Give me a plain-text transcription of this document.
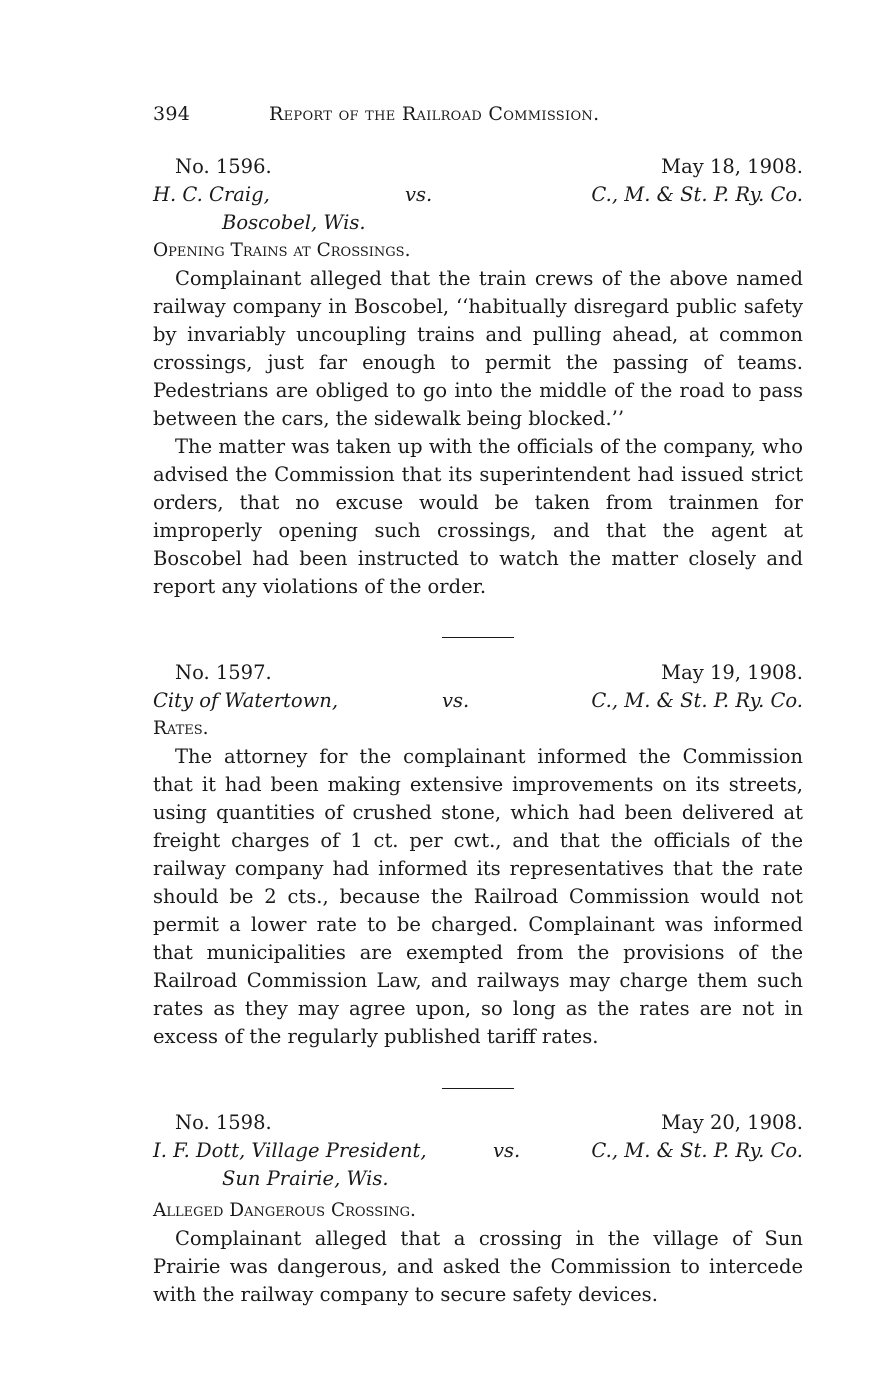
394	Report of the Railroad Commission.
No. 1596.	May 18, 1908.
H. C. Craig,	vs.	C., M. & St. P. Ry. Co.
Boscobel, Wis.
Opening Trains at Crossings.

Complainant alleged that the train crews of the above named railway company in Boscobel, ‘‘habitually disregard public safety by invariably uncoupling trains and pulling ahead, at common crossings, just far enough to permit the passing of teams. Pedestrians are obliged to go into the middle of the road to pass between the cars, the sidewalk being blocked.’’

The matter was taken up with the officials of the company, who advised the Commission that its superintendent had issued strict orders, that no excuse would be taken from trainmen for improperly opening such crossings, and that the agent at Boscobel had been instructed to watch the matter closely and report any violations of the order.

No. 1597.	May 19, 1908.
City of Watertown,	vs.	C., M. & St. P. Ry. Co.
Rates.

The attorney for the complainant informed the Commission that it had been making extensive improvements on its streets, using quantities of crushed stone, which had been delivered at freight charges of 1 ct. per cwt., and that the officials of the railway company had informed its representatives that the rate should be 2 cts., because the Railroad Commission would not permit a lower rate to be charged. Complainant was informed that municipalities are exempted from the provisions of the Railroad Commission Law, and railways may charge them such rates as they may agree upon, so long as the rates are not in excess of the regularly published tariff rates.

No. 1598.	May 20, 1908.
I. F. Dott, Village President,	vs.	C., M. & St. P. Ry. Co.
Sun Prairie, Wis.
Alleged Dangerous Crossing.

Complainant alleged that a crossing in the village of Sun Prairie was dangerous, and asked the Commission to intercede with the railway company to secure safety devices.
